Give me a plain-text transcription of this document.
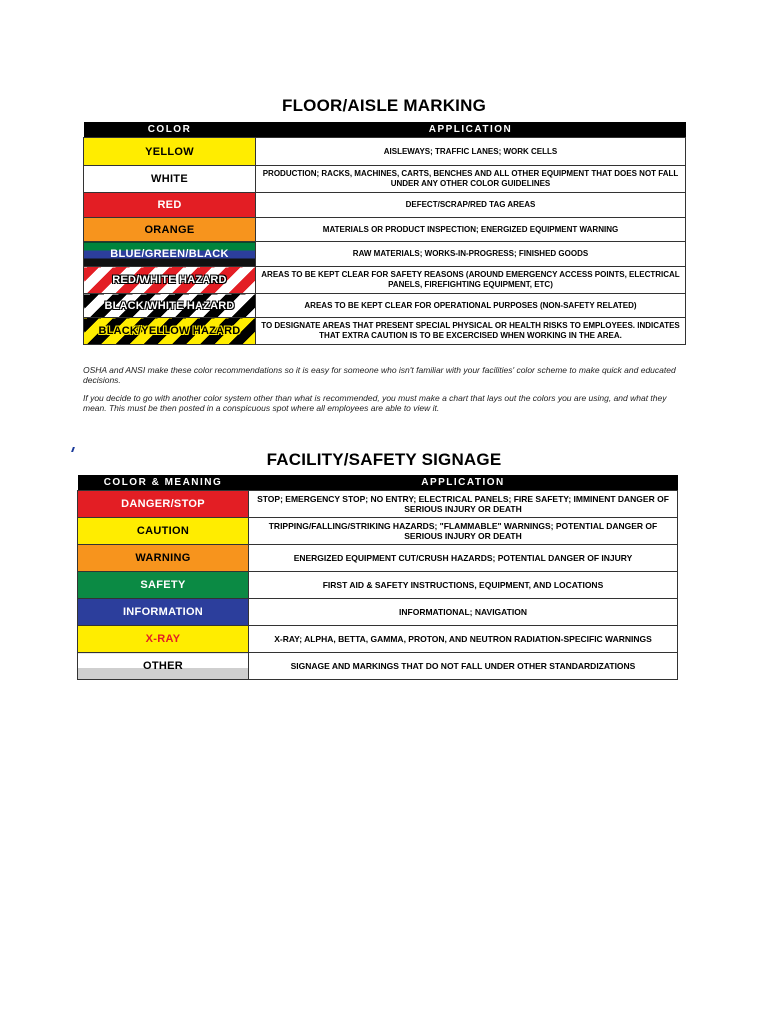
FLOOR/AISLE MARKING
COLOR	APPLICATION
YELLOW	AISLEWAYS; TRAFFIC LANES; WORK CELLS
WHITE	PRODUCTION; RACKS, MACHINES, CARTS, BENCHES AND ALL OTHER EQUIPMENT THAT DOES NOT FALL UNDER ANY OTHER COLOR GUIDELINES
RED	DEFECT/SCRAP/RED TAG AREAS
ORANGE	MATERIALS OR PRODUCT INSPECTION; ENERGIZED EQUIPMENT WARNING
BLUE/GREEN/BLACK	RAW MATERIALS; WORKS-IN-PROGRESS; FINISHED GOODS
RED/WHITE HAZARD	AREAS TO BE KEPT CLEAR FOR SAFETY REASONS (AROUND EMERGENCY ACCESS POINTS, ELECTRICAL PANELS, FIREFIGHTING EQUIPMENT, ETC)
BLACK/WHITE HAZARD	AREAS TO BE KEPT CLEAR FOR OPERATIONAL PURPOSES (NON-SAFETY RELATED)
BLACK/YELLOW HAZARD	TO DESIGNATE AREAS THAT PRESENT SPECIAL PHYSICAL OR HEALTH RISKS TO EMPLOYEES. INDICATES THAT EXTRA CAUTION IS TO BE EXCERCISED WHEN WORKING IN THE AREA.
OSHA and ANSI make these color recommendations so it is easy for someone who isn't familiar with your facilities' color scheme to make quick and educated decisions.
If you decide to go with another color system other than what is recommended, you must make a chart that lays out the colors you are using, and what they mean. This must be then posted in a conspicuous spot where all employees are able to view it.
FACILITY/SAFETY SIGNAGE
COLOR & MEANING	APPLICATION
DANGER/STOP	STOP; EMERGENCY STOP; NO ENTRY; ELECTRICAL PANELS; FIRE SAFETY; IMMINENT DANGER OF SERIOUS INJURY OR DEATH
CAUTION	TRIPPING/FALLING/STRIKING HAZARDS; "FLAMMABLE" WARNINGS; POTENTIAL DANGER OF SERIOUS INJURY OR DEATH
WARNING	ENERGIZED EQUIPMENT CUT/CRUSH HAZARDS; POTENTIAL DANGER OF INJURY
SAFETY	FIRST AID & SAFETY INSTRUCTIONS, EQUIPMENT, AND LOCATIONS
INFORMATION	INFORMATIONAL; NAVIGATION
X-RAY	X-RAY; ALPHA, BETTA, GAMMA, PROTON, AND NEUTRON RADIATION-SPECIFIC WARNINGS
OTHER	SIGNAGE AND MARKINGS THAT DO NOT FALL UNDER OTHER STANDARDIZATIONS
